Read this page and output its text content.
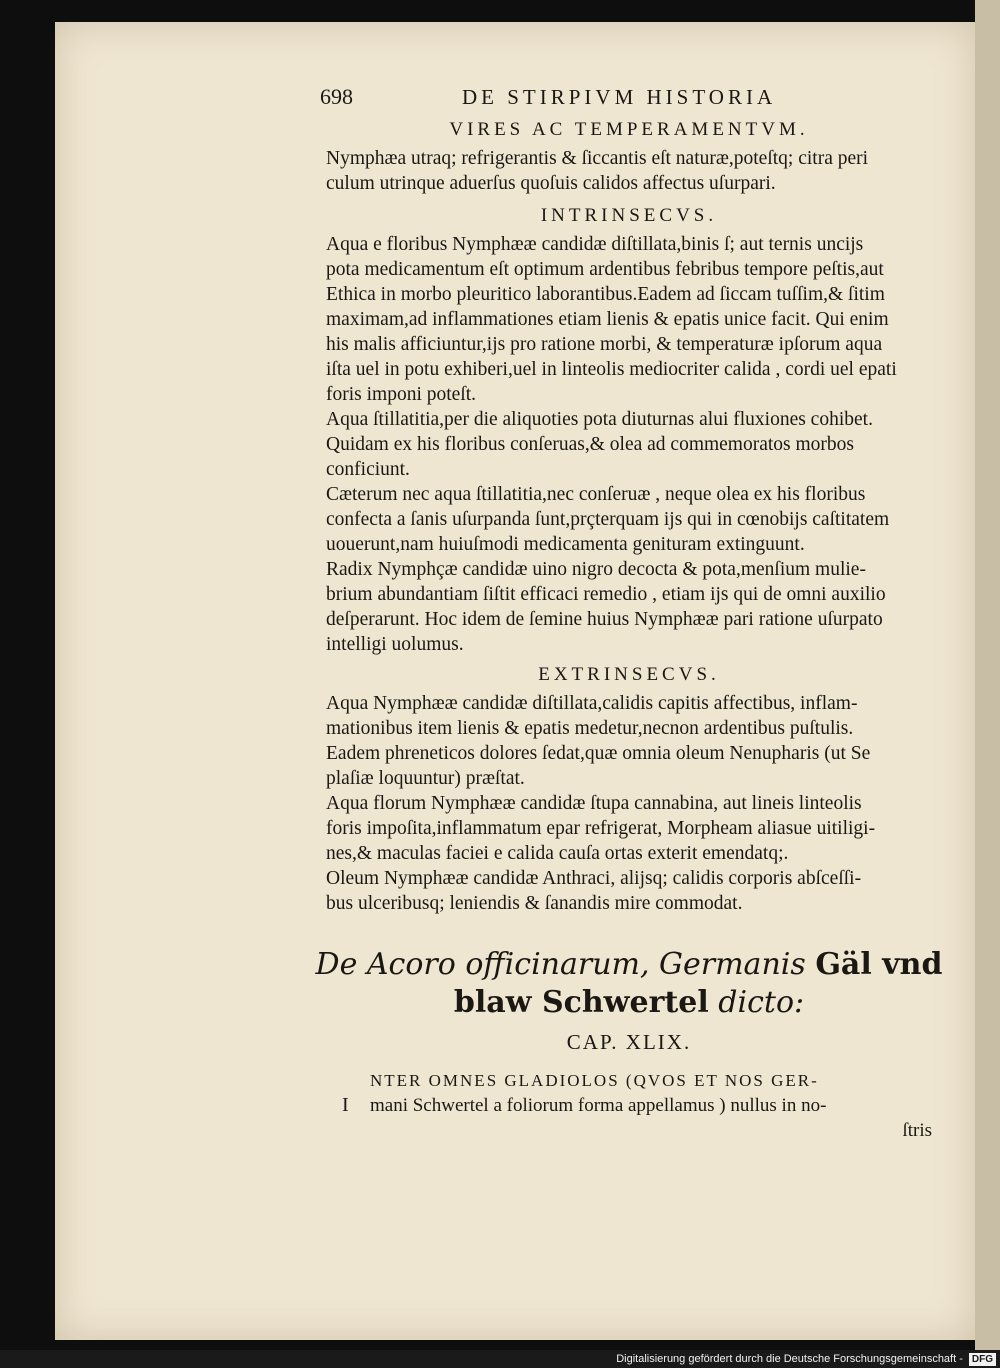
698	DE STIRPIVM HISTORIA
VIRES AC TEMPERAMENTVM.
Nymphæa utraq; refrigerantis & ſiccantis eſt naturæ,poteſtq; citra peri
culum utrinque aduerſus quoſuis calidos affectus uſurpari.
INTRINSECVS.
Aqua e floribus Nymphææ candidæ diſtillata,binis ſ; aut ternis uncijs
pota medicamentum eſt optimum ardentibus febribus tempore peſtis,aut
Ethica in morbo pleuritico laborantibus.Eadem ad ſiccam tuſſim,& ſitim
maximam,ad inflammationes etiam lienis & epatis unice facit. Qui enim
his malis afficiuntur,ijs pro ratione morbi, & temperaturæ ipſorum aqua
iſta uel in potu exhiberi,uel in linteolis mediocriter calida , cordi uel epati
foris imponi poteſt.
Aqua ſtillatitia,per die aliquoties pota diuturnas alui fluxiones cohibet.
Quidam ex his floribus conſeruas,& olea ad commemoratos morbos
conficiunt.
Cæterum nec aqua ſtillatitia,nec conſeruæ , neque olea ex his floribus
confecta a ſanis uſurpanda ſunt,prçterquam ijs qui in cœnobijs caſtitatem
uouerunt,nam huiuſmodi medicamenta genituram extinguunt.
Radix Nymphçæ candidæ uino nigro decocta & pota,menſium mulie-
brium abundantiam ſiſtit efficaci remedio , etiam ijs qui de omni auxilio
deſperarunt. Hoc idem de ſemine huius Nymphææ pari ratione uſurpato
intelligi uolumus.
EXTRINSECVS.
Aqua Nymphææ candidæ diſtillata,calidis capitis affectibus, inflam-
mationibus item lienis & epatis medetur,necnon ardentibus puſtulis.
Eadem phreneticos dolores ſedat,quæ omnia oleum Nenupharis (ut Se
plaſiæ loquuntur) præſtat.
Aqua florum Nymphææ candidæ ſtupa cannabina, aut lineis linteolis
foris impoſita,inflammatum epar refrigerat, Morpheam aliasue uitiligi-
nes,& maculas faciei e calida cauſa ortas exterit emendatq;.
Oleum Nymphææ candidæ Anthraci, alijsq; calidis corporis abſceſſi-
bus ulceribusq; leniendis & ſanandis mire commodat.
De Acoro officinarum, Germanis Gäl vnd
blaw Schwertel dicto:
CAP. XLIX.
I
NTER OMNES GLADIOLOS (QVOS ET NOS GER-
mani Schwertel a foliorum forma appellamus ) nullus in no-
ſtris
Digitalisierung gefördert durch die Deutsche Forschungsgemeinschaft - DFG
